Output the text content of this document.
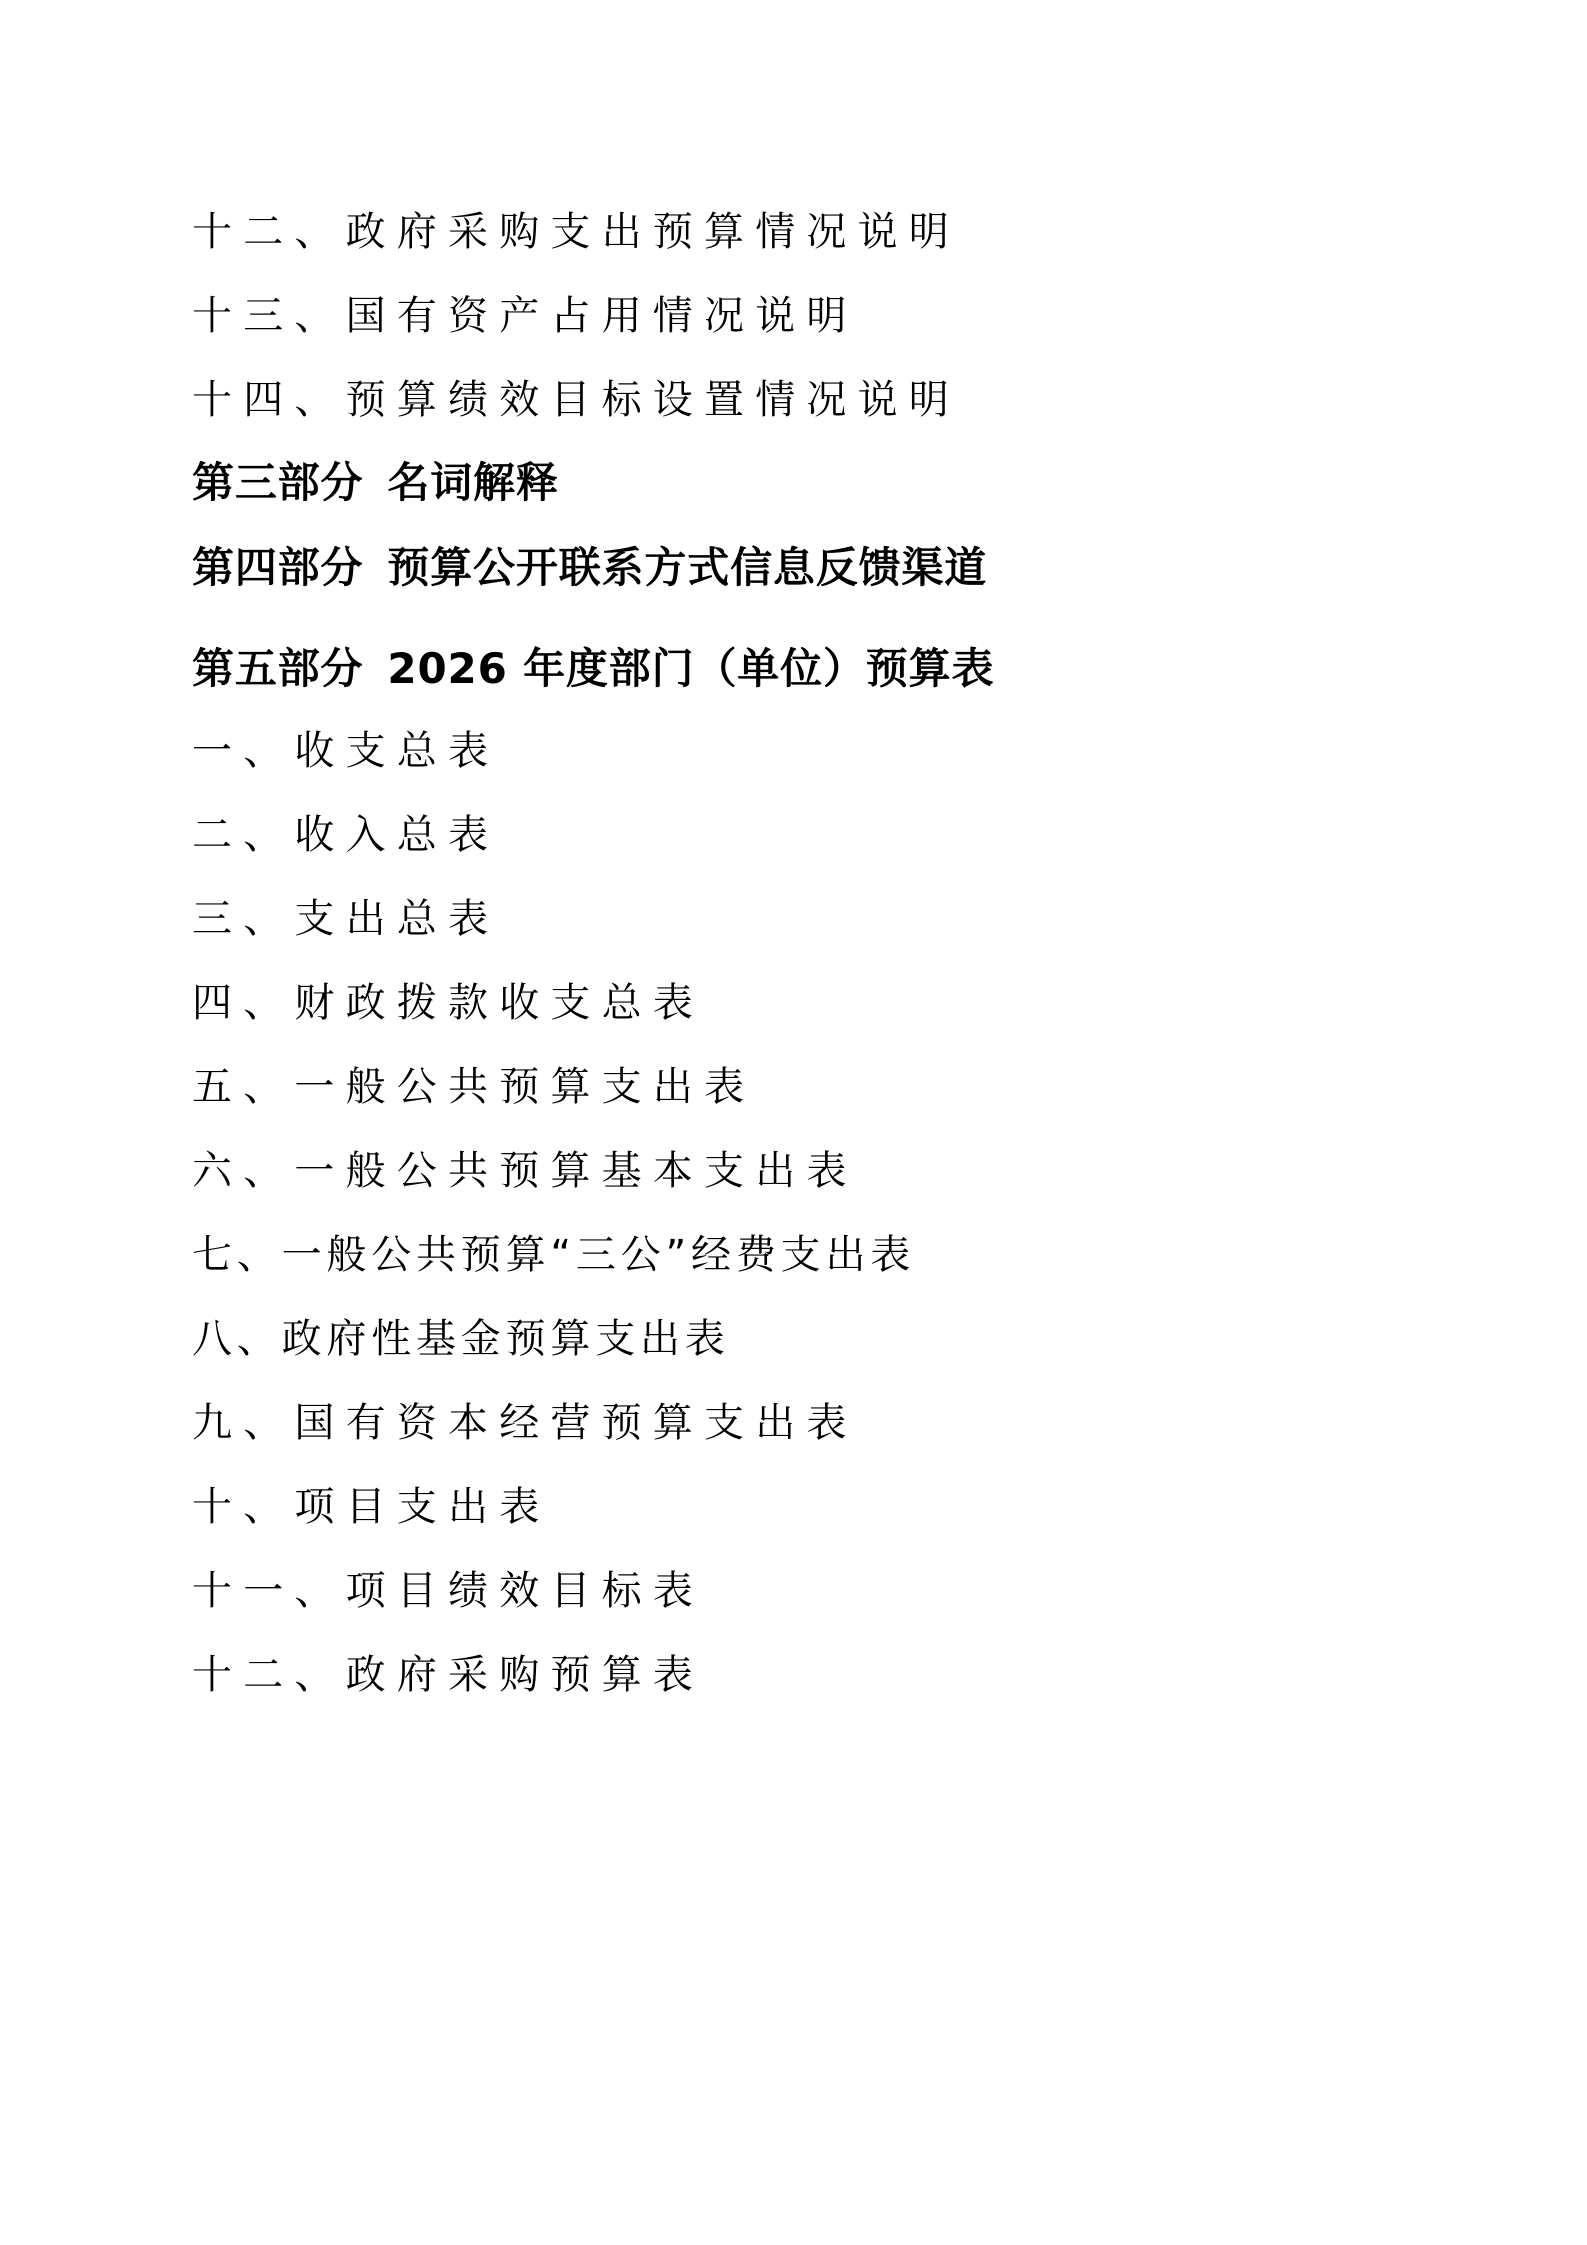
十二、政府采购支出预算情况说明

十三、国有资产占用情况说明

十四、预算绩效目标设置情况说明

第三部分 名词解释

第四部分 预算公开联系方式信息反馈渠道

第五部分 2026 年度部门（单位）预算表

一、收支总表

二、收入总表

三、支出总表

四、财政拨款收支总表

五、一般公共预算支出表

六、一般公共预算基本支出表

七、一般公共预算“三公”经费支出表

八、政府性基金预算支出表

九、国有资本经营预算支出表

十、项目支出表

十一、项目绩效目标表

十二、政府采购预算表
